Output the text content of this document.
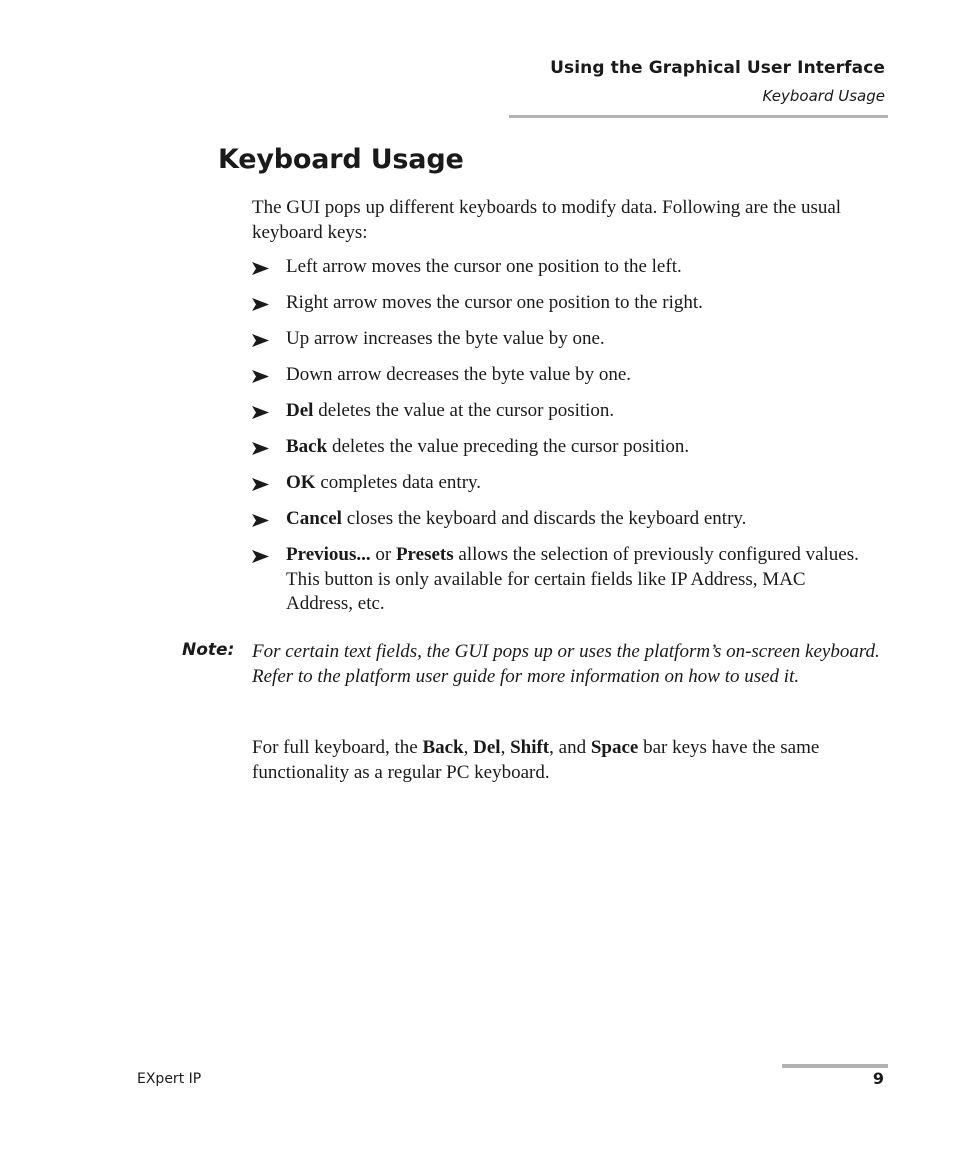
Using the Graphical User Interface
Keyboard Usage
Keyboard Usage
The GUI pops up different keyboards to modify data. Following are the usual keyboard keys:
Left arrow moves the cursor one position to the left.
Right arrow moves the cursor one position to the right.
Up arrow increases the byte value by one.
Down arrow decreases the byte value by one.
Del deletes the value at the cursor position.
Back deletes the value preceding the cursor position.
OK completes data entry.
Cancel closes the keyboard and discards the keyboard entry.
Previous... or Presets allows the selection of previously configured values. This button is only available for certain fields like IP Address, MAC Address, etc.
Note: For certain text fields, the GUI pops up or uses the platform’s on-screen keyboard. Refer to the platform user guide for more information on how to used it.
For full keyboard, the Back, Del, Shift, and Space bar keys have the same functionality as a regular PC keyboard.
EXpert IP	9
